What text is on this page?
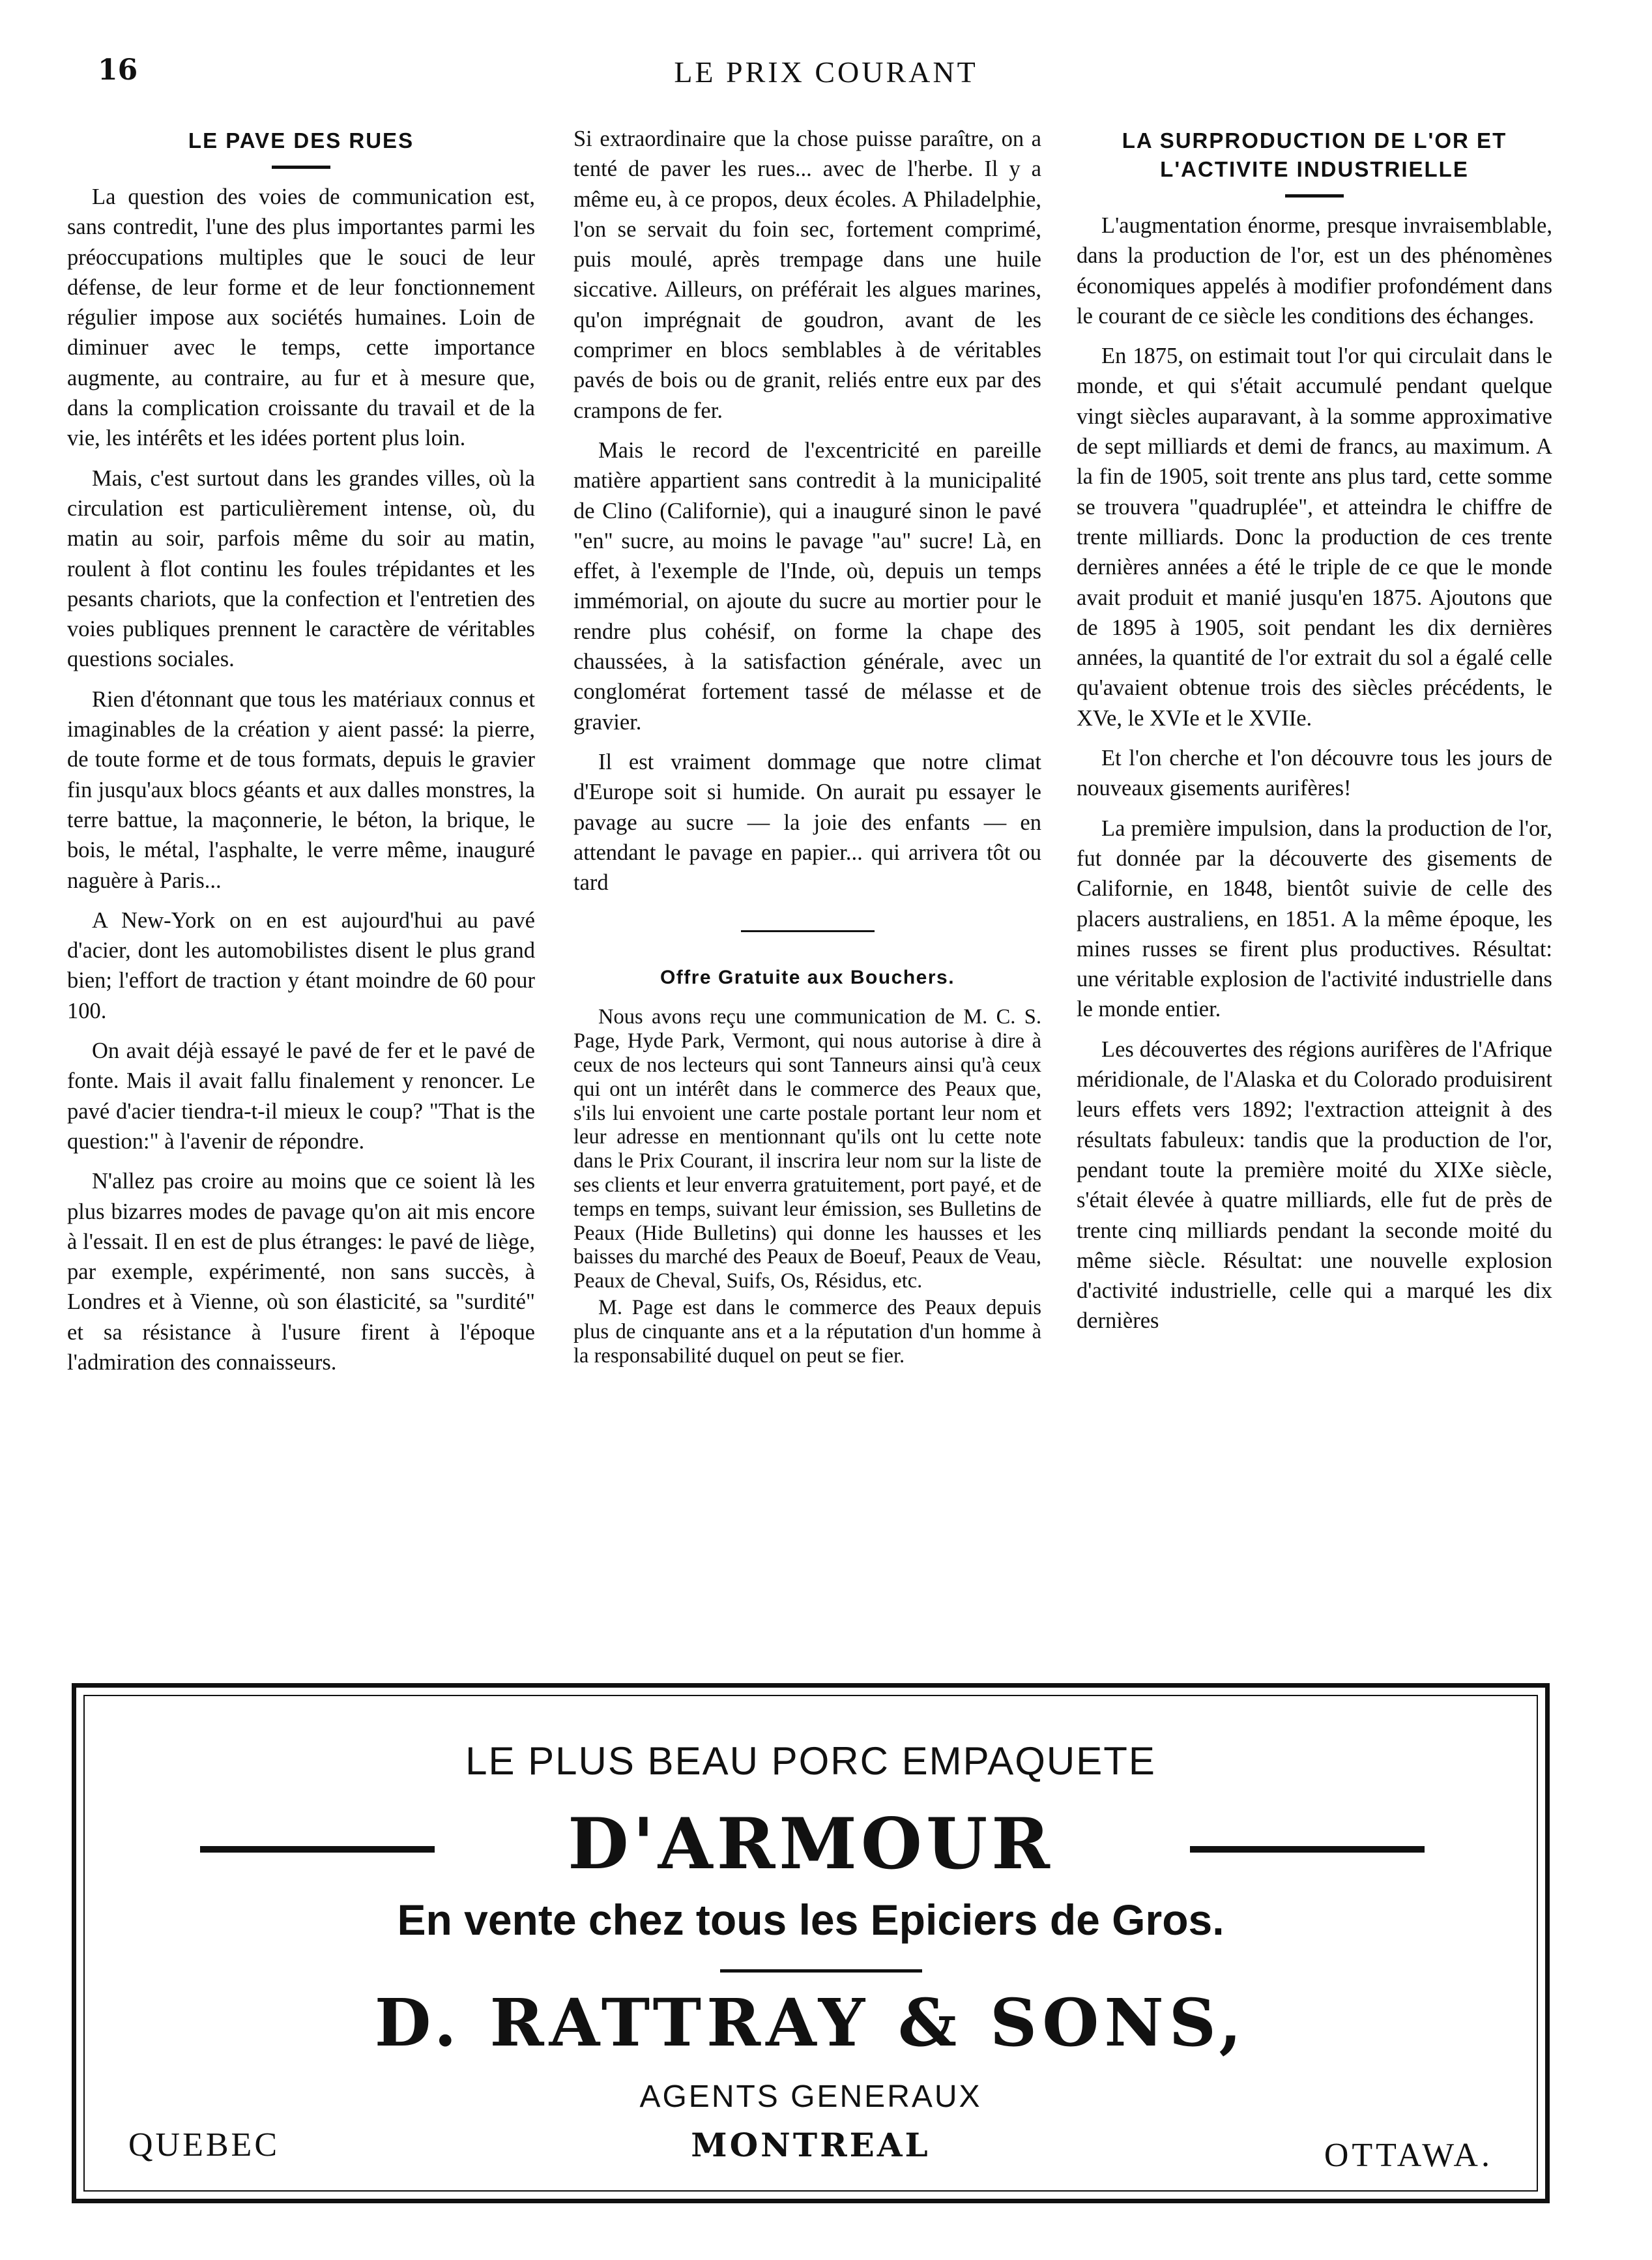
16	LE PRIX COURANT
LE PAVE DES RUES

La question des voies de communication est, sans contredit, l'une des plus importantes parmi les préoccupations multiples que le souci de leur défense, de leur forme et de leur fonctionnement régulier impose aux sociétés humaines. Loin de diminuer avec le temps, cette importance augmente, au contraire, au fur et à mesure que, dans la complication croissante du travail et de la vie, les intérêts et les idées portent plus loin.

Mais, c'est surtout dans les grandes villes, où la circulation est particulièrement intense, où, du matin au soir, parfois même du soir au matin, roulent à flot continu les foules trépidantes et les pesants chariots, que la confection et l'entretien des voies publiques prennent le caractère de véritables questions sociales.

Rien d'étonnant que tous les matériaux connus et imaginables de la création y aient passé: la pierre, de toute forme et de tous formats, depuis le gravier fin jusqu'aux blocs géants et aux dalles monstres, la terre battue, la maçonnerie, le béton, la brique, le bois, le métal, l'asphalte, le verre même, inauguré naguère à Paris...

A New-York on en est aujourd'hui au pavé d'acier, dont les automobilistes disent le plus grand bien; l'effort de traction y étant moindre de 60 pour 100.

On avait déjà essayé le pavé de fer et le pavé de fonte. Mais il avait fallu finalement y renoncer. Le pavé d'acier tiendra-t-il mieux le coup? "That is the question:" à l'avenir de répondre.

N'allez pas croire au moins que ce soient là les plus bizarres modes de pavage qu'on ait mis encore à l'essait. Il en est de plus étranges: le pavé de liège, par exemple, expérimenté, non sans succès, à Londres et à Vienne, où son élasticité, sa "surdité" et sa résistance à l'usure firent à l'époque l'admiration des connaisseurs.

Si extraordinaire que la chose puisse paraître, on a tenté de paver les rues... avec de l'herbe. Il y a même eu, à ce propos, deux écoles. A Philadelphie, l'on se servait du foin sec, fortement comprimé, puis moulé, après trempage dans une huile siccative. Ailleurs, on préférait les algues marines, qu'on imprégnait de goudron, avant de les comprimer en blocs semblables à de véritables pavés de bois ou de granit, reliés entre eux par des crampons de fer.

Mais le record de l'excentricité en pareille matière appartient sans contredit à la municipalité de Clino (Californie), qui a inauguré sinon le pavé "en" sucre, au moins le pavage "au" sucre! Là, en effet, à l'exemple de l'Inde, où, depuis un temps immémorial, on ajoute du sucre au mortier pour le rendre plus cohésif, on forme la chape des chaussées, à la satisfaction générale, avec un conglomérat fortement tassé de mélasse et de gravier.

Il est vraiment dommage que notre climat d'Europe soit si humide. On aurait pu essayer le pavage au sucre — la joie des enfants — en attendant le pavage en papier... qui arrivera tôt ou tard

Offre Gratuite aux Bouchers.

Nous avons reçu une communication de M. C. S. Page, Hyde Park, Vermont, qui nous autorise à dire à ceux de nos lecteurs qui sont Tanneurs ainsi qu'à ceux qui ont un intérêt dans le commerce des Peaux que, s'ils lui envoient une carte postale portant leur nom et leur adresse en mentionnant qu'ils ont lu cette note dans le Prix Courant, il inscrira leur nom sur la liste de ses clients et leur enverra gratuitement, port payé, et de temps en temps, suivant leur émission, ses Bulletins de Peaux (Hide Bulletins) qui donne les hausses et les baisses du marché des Peaux de Boeuf, Peaux de Veau, Peaux de Cheval, Suifs, Os, Résidus, etc.

M. Page est dans le commerce des Peaux depuis plus de cinquante ans et a la réputation d'un homme à la responsabilité duquel on peut se fier.

LA SURPRODUCTION DE L'OR ET
L'ACTIVITE INDUSTRIELLE

L'augmentation énorme, presque invraisemblable, dans la production de l'or, est un des phénomènes économiques appelés à modifier profondément dans le courant de ce siècle les conditions des échanges.

En 1875, on estimait tout l'or qui circulait dans le monde, et qui s'était accumulé pendant quelque vingt siècles auparavant, à la somme approximative de sept milliards et demi de francs, au maximum. A la fin de 1905, soit trente ans plus tard, cette somme se trouvera "quadruplée", et atteindra le chiffre de trente milliards. Donc la production de ces trente dernières années a été le triple de ce que le monde avait produit et manié jusqu'en 1875. Ajoutons que de 1895 à 1905, soit pendant les dix dernières années, la quantité de l'or extrait du sol a égalé celle qu'avaient obtenue trois des siècles précédents, le XVe, le XVIe et le XVIIe.

Et l'on cherche et l'on découvre tous les jours de nouveaux gisements aurifères!

La première impulsion, dans la production de l'or, fut donnée par la découverte des gisements de Californie, en 1848, bientôt suivie de celle des placers australiens, en 1851. A la même époque, les mines russes se firent plus productives. Résultat: une véritable explosion de l'activité industrielle dans le monde entier.

Les découvertes des régions aurifères de l'Afrique méridionale, de l'Alaska et du Colorado produisirent leurs effets vers 1892; l'extraction atteignit à des résultats fabuleux: tandis que la production de l'or, pendant toute la première moité du XIXe siècle, s'était élevée à quatre milliards, elle fut de près de trente cinq milliards pendant la seconde moité du même siècle. Résultat: une nouvelle explosion d'activité industrielle, celle qui a marqué les dix dernières

LE PLUS BEAU PORC EMPAQUETE
D'ARMOUR
En vente chez tous les Epiciers de Gros.
D. RATTRAY & SONS,
AGENTS GENERAUX
QUEBEC	MONTREAL	OTTAWA.
